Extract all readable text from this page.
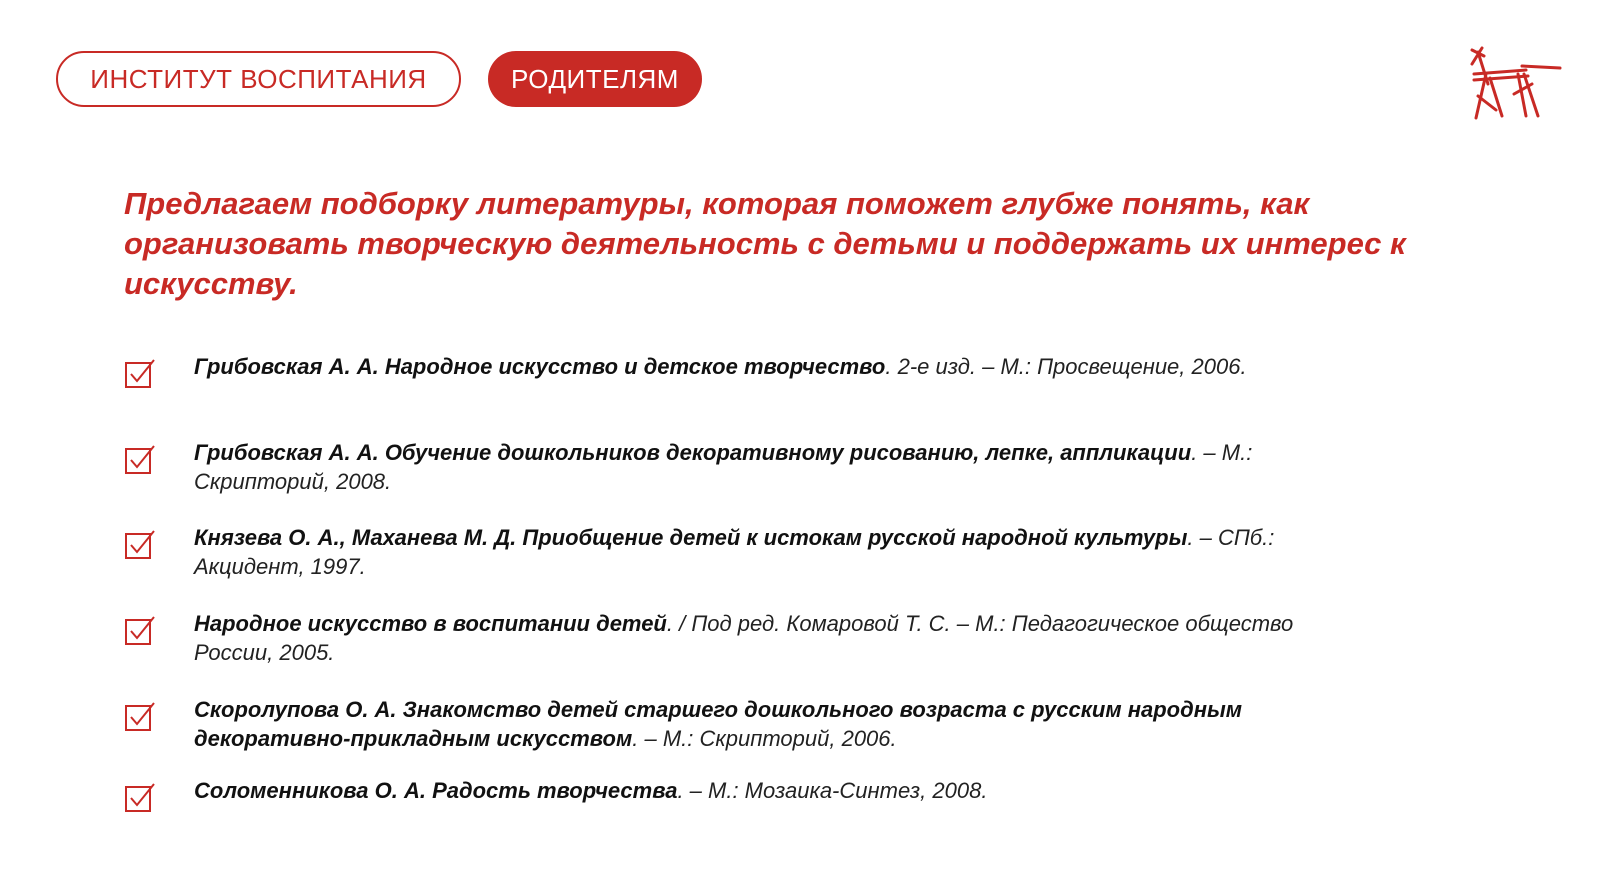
ИНСТИТУТ ВОСПИТАНИЯ	РОДИТЕЛЯМ

Предлагаем подборку литературы, которая поможет глубже понять, как организовать творческую деятельность с детьми и поддержать их интерес к искусству.

Грибовская А. А. Народное искусство и детское творчество. 2-е изд. – М.: Просвещение, 2006.
Грибовская А. А. Обучение дошкольников декоративному рисованию, лепке, аппликации. – М.: Скрипторий, 2008.
Князева О. А., Маханева М. Д. Приобщение детей к истокам русской народной культуры. – СПб.: Акцидент, 1997.
Народное искусство в воспитании детей. / Под ред. Комаровой Т. С. – М.: Педагогическое общество России, 2005.
Скоролупова О. А. Знакомство детей старшего дошкольного возраста с русским народным декоративно-прикладным искусством. – М.: Скрипторий, 2006.
Соломенникова О. А. Радость творчества. – М.: Мозаика-Синтез, 2008.
